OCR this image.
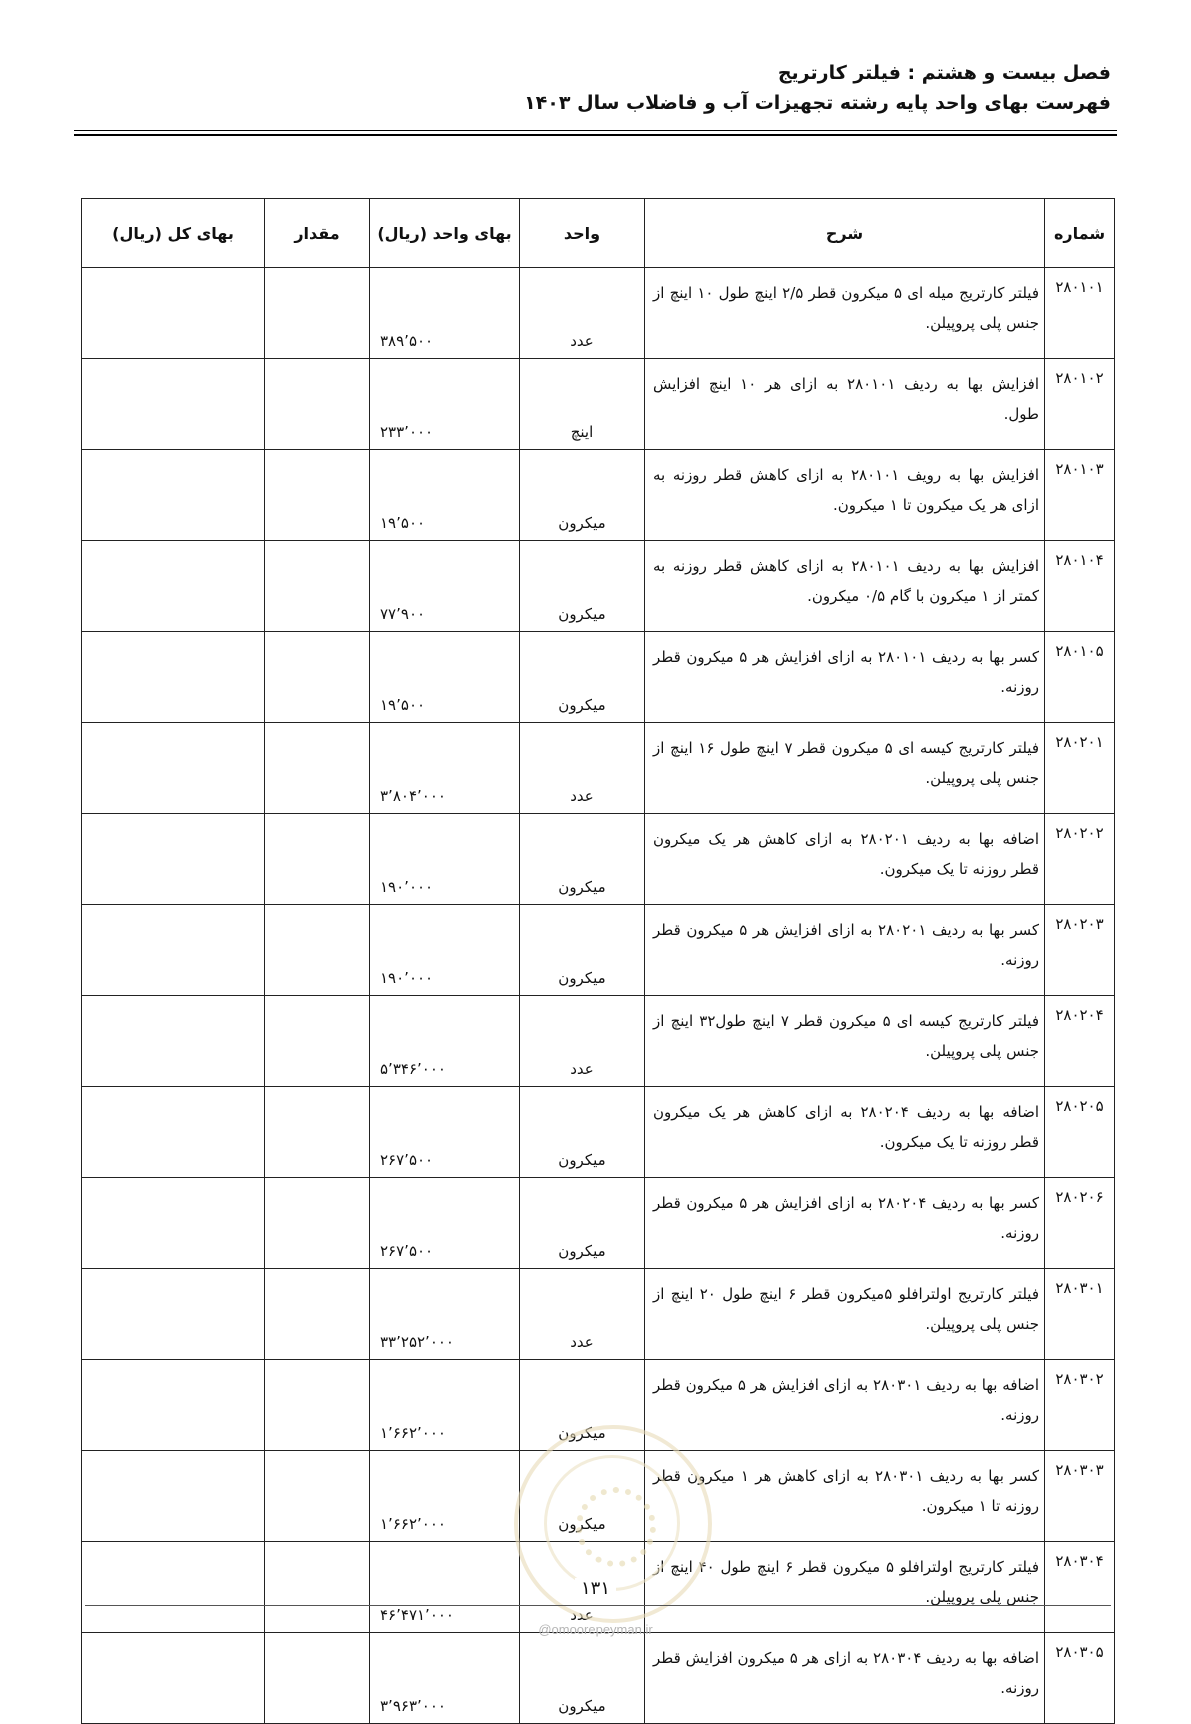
فصل بیست و هشتم : فیلتر کارتریج
فهرست بهای واحد پایه رشته تجهیزات آب و فاضلاب سال ۱۴۰۳
شماره	شرح	واحد	بهای واحد (ریال)	مقدار	بهای کل (ریال)
۲۸۰۱۰۱	فیلتر کارتریج میله ای ۵ میکرون قطر ۲/۵ اینچ طول ۱۰ اینچ از جنس پلی پروپیلن.	عدد	۳۸۹٬۵۰۰		
۲۸۰۱۰۲	افزایش بها به ردیف ۲۸۰۱۰۱ به ازای هر ۱۰ اینچ افزایش طول.	اینچ	۲۳۳٬۰۰۰		
۲۸۰۱۰۳	افزایش بها به رویف ۲۸۰۱۰۱ به ازای کاهش قطر روزنه به ازای هر یک میکرون تا ۱ میکرون.	میکرون	۱۹٬۵۰۰		
۲۸۰۱۰۴	افزایش بها به ردیف ۲۸۰۱۰۱ به ازای کاهش قطر روزنه به کمتر از ۱ میکرون با گام ۰/۵ میکرون.	میکرون	۷۷٬۹۰۰		
۲۸۰۱۰۵	کسر بها به ردیف ۲۸۰۱۰۱ به ازای افزایش هر ۵ میکرون قطر روزنه.	میکرون	۱۹٬۵۰۰		
۲۸۰۲۰۱	فیلتر کارتریج کیسه ای ۵ میکرون قطر ۷ اینچ طول ۱۶ اینچ از جنس پلی پروپیلن.	عدد	۳٬۸۰۴٬۰۰۰		
۲۸۰۲۰۲	اضافه بها به ردیف ۲۸۰۲۰۱ به ازای کاهش هر یک میکرون قطر روزنه تا یک میکرون.	میکرون	۱۹۰٬۰۰۰		
۲۸۰۲۰۳	کسر بها به ردیف ۲۸۰۲۰۱ به ازای افزایش هر ۵ میکرون قطر روزنه.	میکرون	۱۹۰٬۰۰۰		
۲۸۰۲۰۴	فیلتر کارتریج کیسه ای ۵ میکرون قطر ۷ اینچ طول۳۲ اینچ از جنس پلی پروپیلن.	عدد	۵٬۳۴۶٬۰۰۰		
۲۸۰۲۰۵	اضافه بها به ردیف ۲۸۰۲۰۴ به ازای کاهش هر یک میکرون قطر روزنه تا یک میکرون.	میکرون	۲۶۷٬۵۰۰		
۲۸۰۲۰۶	کسر بها به ردیف ۲۸۰۲۰۴ به ازای افزایش هر ۵ میکرون قطر روزنه.	میکرون	۲۶۷٬۵۰۰		
۲۸۰۳۰۱	فیلتر کارتریج اولترافلو ۵میکرون قطر ۶ اینچ طول ۲۰ اینچ از جنس پلی پروپیلن.	عدد	۳۳٬۲۵۲٬۰۰۰		
۲۸۰۳۰۲	اضافه بها به ردیف ۲۸۰۳۰۱ به ازای افزایش هر ۵ میکرون قطر روزنه.	میکرون	۱٬۶۶۲٬۰۰۰		
۲۸۰۳۰۳	کسر بها به ردیف ۲۸۰۳۰۱ به ازای کاهش هر ۱ میکرون قطر روزنه تا ۱ میکرون.	میکرون	۱٬۶۶۲٬۰۰۰		
۲۸۰۳۰۴	فیلتر کارتریج اولترافلو ۵ میکرون قطر ۶ اینچ طول ۴۰ اینچ از جنس پلی پروپیلن.	عدد	۴۶٬۴۷۱٬۰۰۰		
۲۸۰۳۰۵	اضافه بها به ردیف ۲۸۰۳۰۴ به ازای هر ۵ میکرون افزایش قطر روزنه.	میکرون	۳٬۹۶۳٬۰۰۰		
۱۳۱
@omoorepeyman.ir
